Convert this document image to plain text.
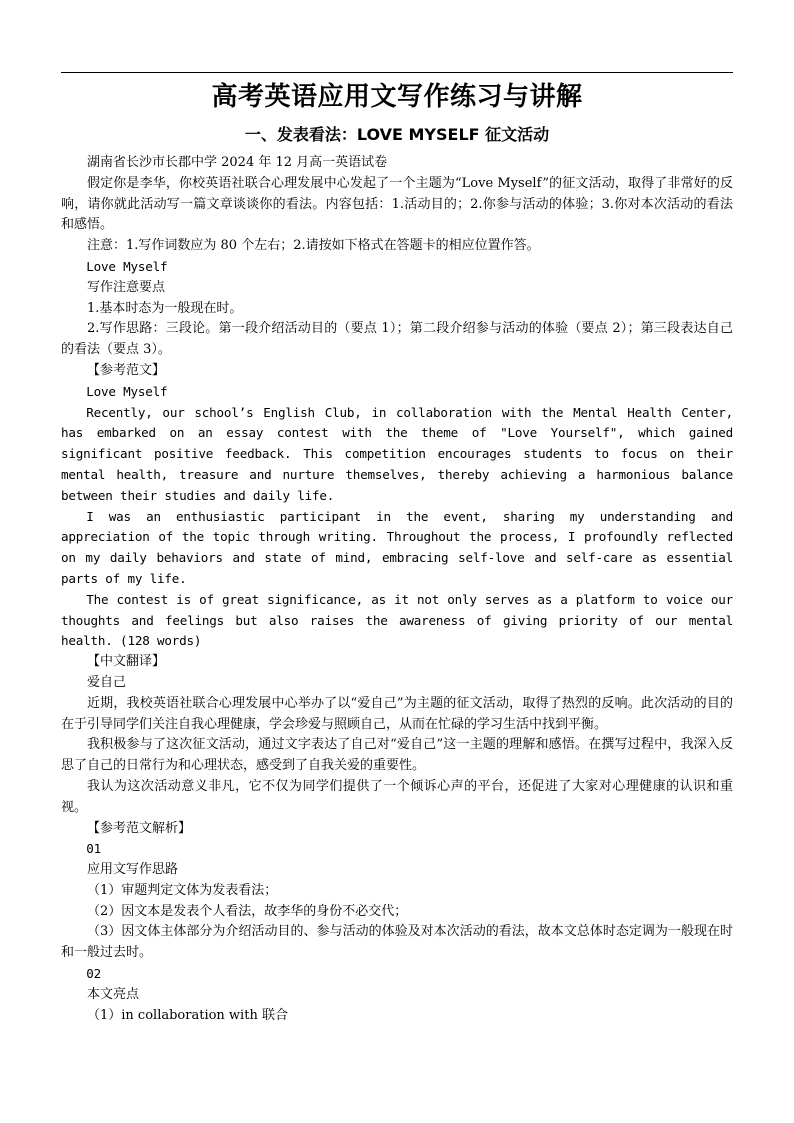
高考英语应用文写作练习与讲解
一、发表看法：LOVE MYSELF 征文活动

湖南省长沙市长郡中学 2024 年 12 月高一英语试卷

假定你是李华，你校英语社联合心理发展中心发起了一个主题为“Love Myself”的征文活动，取得了非常好的反响，请你就此活动写一篇文章谈谈你的看法。内容包括：1.活动目的；2.你参与活动的体验；3.你对本次活动的看法和感悟。

注意：1.写作词数应为 80 个左右；2.请按如下格式在答题卡的相应位置作答。

Love Myself

写作注意要点

1.基本时态为一般现在时。

2.写作思路：三段论。第一段介绍活动目的（要点 1）；第二段介绍参与活动的体验（要点 2）；第三段表达自己的看法（要点 3）。

【参考范文】

Love Myself

Recently, our school’s English Club, in collaboration with the Mental Health Center, has embarked on an essay contest with the theme of "Love Yourself", which gained significant positive feedback. This competition encourages students to focus on their mental health, treasure and nurture themselves, thereby achieving a harmonious balance between their studies and daily life.

I was an enthusiastic participant in the event, sharing my understanding and appreciation of the topic through writing. Throughout the process, I profoundly reflected on my daily behaviors and state of mind, embracing self-love and self-care as essential parts of my life.

The contest is of great significance, as it not only serves as a platform to voice our thoughts and feelings but also raises the awareness of giving priority of our mental health. (128 words)

【中文翻译】

爱自己

近期，我校英语社联合心理发展中心举办了以“爱自己”为主题的征文活动，取得了热烈的反响。此次活动的目的在于引导同学们关注自我心理健康，学会珍爱与照顾自己，从而在忙碌的学习生活中找到平衡。

我积极参与了这次征文活动，通过文字表达了自己对“爱自己”这一主题的理解和感悟。在撰写过程中，我深入反思了自己的日常行为和心理状态，感受到了自我关爱的重要性。

我认为这次活动意义非凡，它不仅为同学们提供了一个倾诉心声的平台，还促进了大家对心理健康的认识和重视。

【参考范文解析】

01

应用文写作思路

（1）审题判定文体为发表看法；

（2）因文本是发表个人看法，故李华的身份不必交代；

（3）因文体主体部分为介绍活动目的、参与活动的体验及对本次活动的看法，故本文总体时态定调为一般现在时和一般过去时。

02

本文亮点

（1）in collaboration with 联合
